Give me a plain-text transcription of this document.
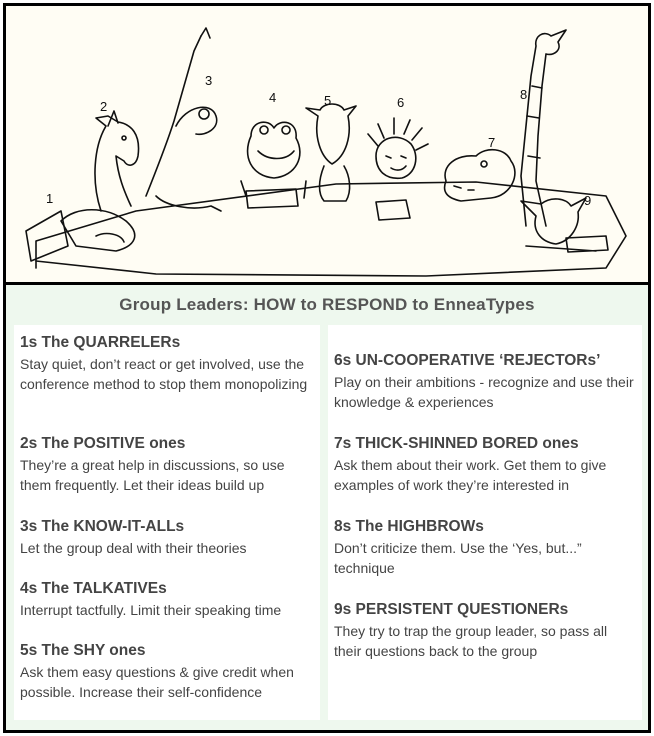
1
2
3
4	5	6
7
8
9
Group Leaders: HOW to RESPOND to EnneaTypes
1s The QUARRELERs
Stay quiet, don’t react or get involved, use the conference method to stop them monopolizing
2s The POSITIVE ones
They’re a great help in discussions, so use them frequently. Let their ideas build up
3s The KNOW-IT-ALLs
Let the group deal with their theories
4s The TALKATIVEs
Interrupt tactfully. Limit their speaking time
5s The SHY ones
Ask them easy questions & give credit when possible. Increase their self-confidence
6s UN-COOPERATIVE ‘REJECTORs’
Play on their ambitions - recognize and use their knowledge & experiences
7s THICK-SHINNED BORED ones
Ask them about their work. Get them to give examples of work they’re interested in
8s The HIGHBROWs
Don’t criticize them. Use the ‘Yes, but...” technique
9s PERSISTENT QUESTIONERs
They try to trap the group leader, so pass all their questions back to the group
